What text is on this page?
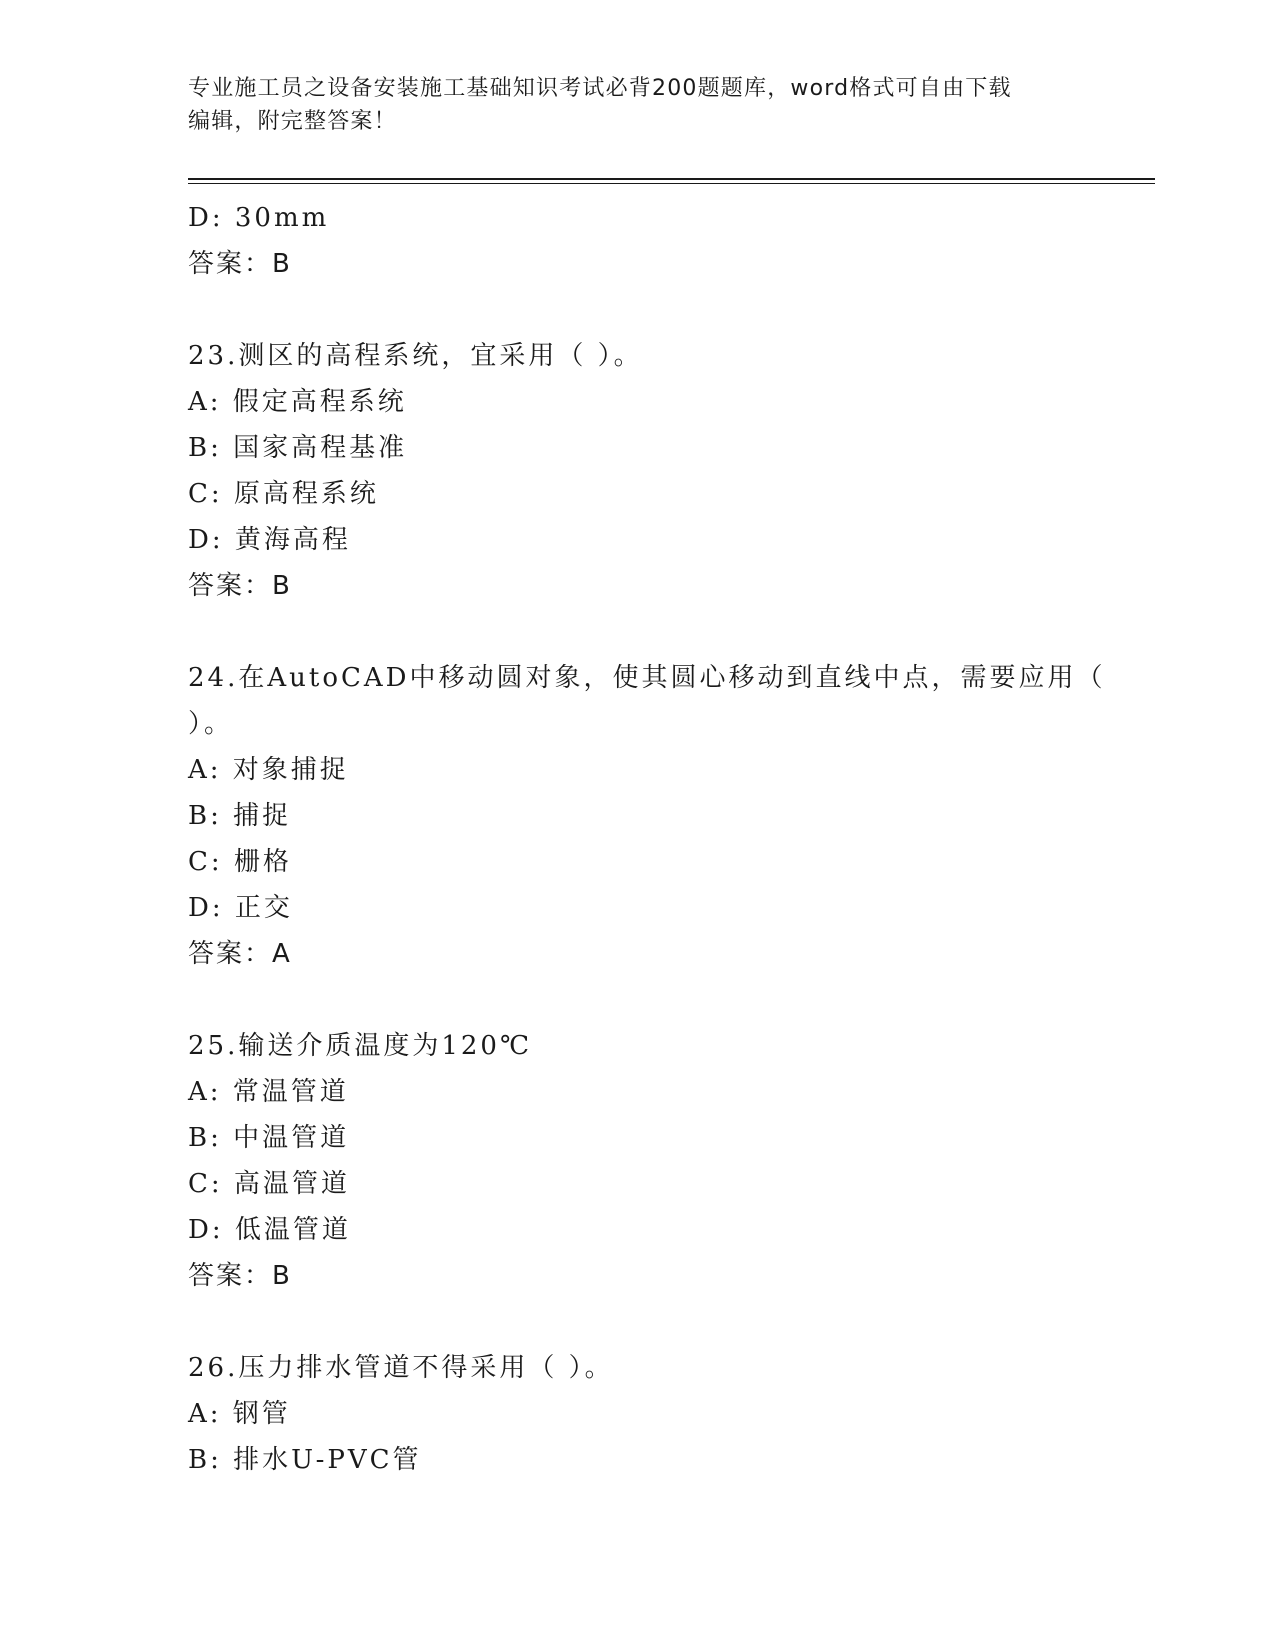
专业施工员之设备安装施工基础知识考试必背200题题库，word格式可自由下载
编辑，附完整答案！
D: 30mm
答案：B
23.测区的高程系统，宜采用（ ）。
A: 假定高程系统
B: 国家高程基准
C: 原高程系统
D: 黄海高程
答案：B
24.在AutoCAD中移动圆对象，使其圆心移动到直线中点，需要应用（
）。
A: 对象捕捉
B: 捕捉
C: 栅格
D: 正交
答案：A
25.输送介质温度为120℃
A: 常温管道
B: 中温管道
C: 高温管道
D: 低温管道
答案：B
26.压力排水管道不得采用（ ）。
A: 钢管
B: 排水U-PVC管
